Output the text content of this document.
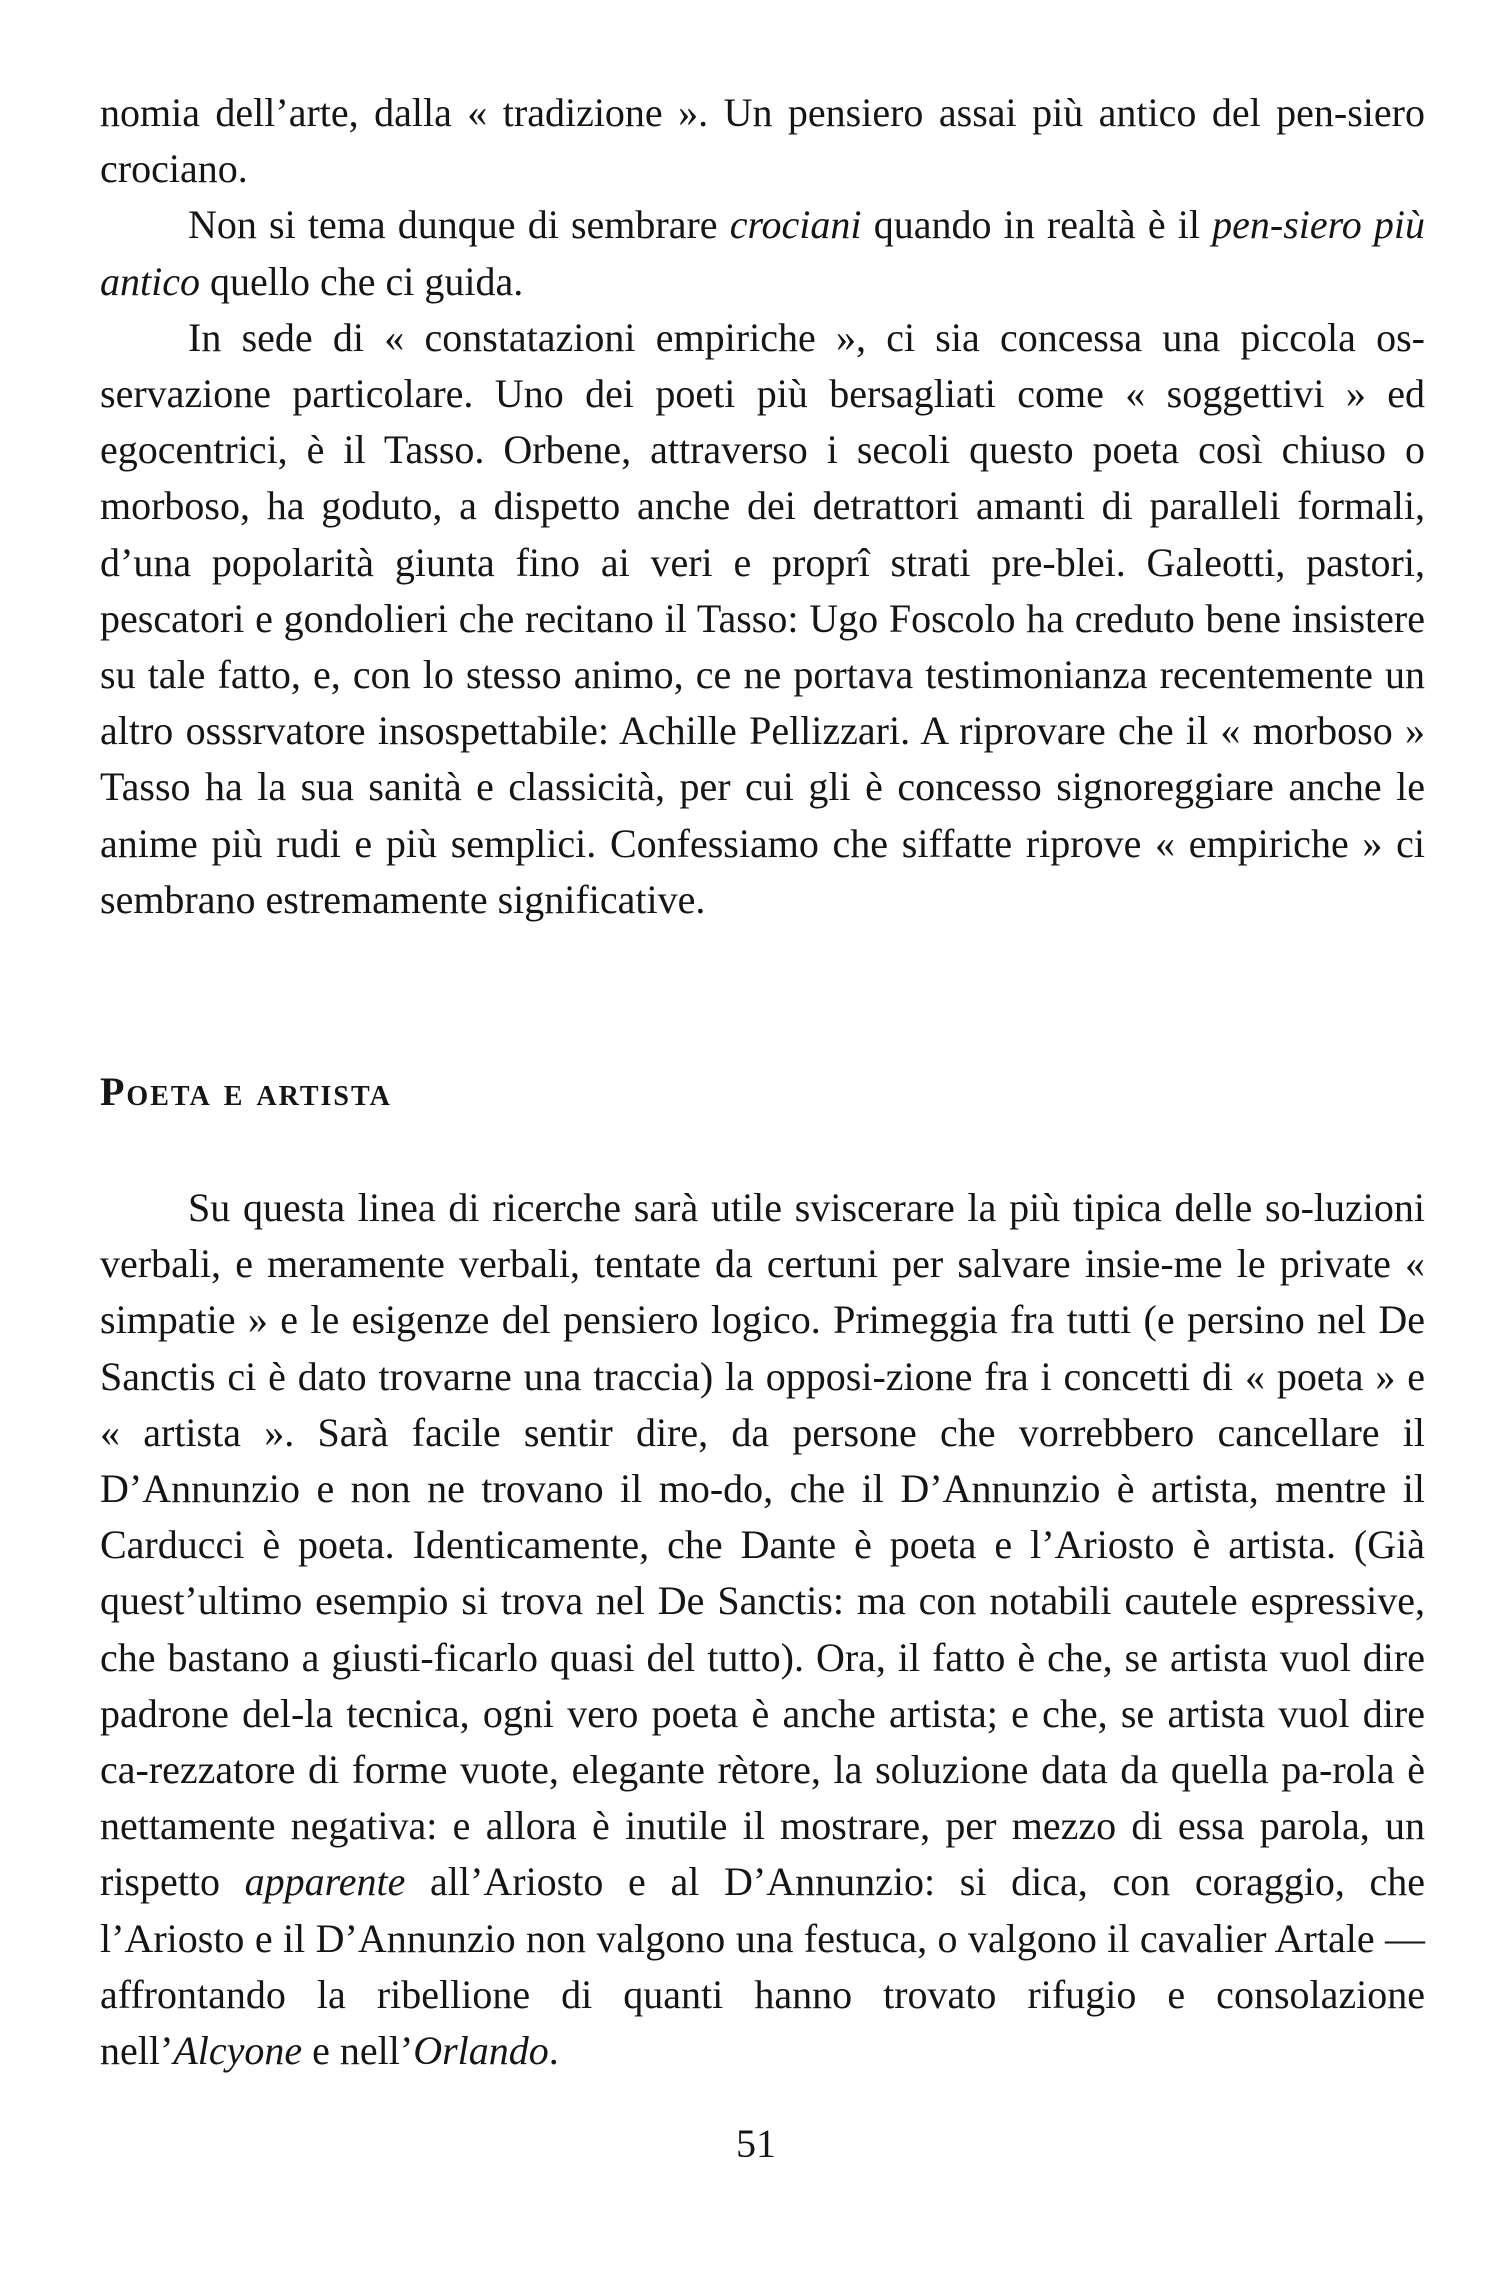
nomia dell’arte, dalla « tradizione ». Un pensiero assai più antico del pen-siero crociano.

Non si tema dunque di sembrare crociani quando in realtà è il pen-siero più antico quello che ci guida.

In sede di « constatazioni empiriche », ci sia concessa una piccola os-servazione particolare. Uno dei poeti più bersagliati come « soggettivi » ed egocentrici, è il Tasso. Orbene, attraverso i secoli questo poeta così chiuso o morboso, ha goduto, a dispetto anche dei detrattori amanti di paralleli formali, d’una popolarità giunta fino ai veri e proprî strati pre-blei. Galeotti, pastori, pescatori e gondolieri che recitano il Tasso: Ugo Foscolo ha creduto bene insistere su tale fatto, e, con lo stesso animo, ce ne portava testimonianza recentemente un altro osssrvatore insospettabile: Achille Pellizzari. A riprovare che il « morboso » Tasso ha la sua sanità e classicità, per cui gli è concesso signoreggiare anche le anime più rudi e più semplici. Confessiamo che siffatte riprove « empiriche » ci sembrano estremamente significative.

Poeta e artista

Su questa linea di ricerche sarà utile sviscerare la più tipica delle so-luzioni verbali, e meramente verbali, tentate da certuni per salvare insie-me le private « simpatie » e le esigenze del pensiero logico. Primeggia fra tutti (e persino nel De Sanctis ci è dato trovarne una traccia) la opposi-zione fra i concetti di « poeta » e « artista ». Sarà facile sentir dire, da persone che vorrebbero cancellare il D’Annunzio e non ne trovano il mo-do, che il D’Annunzio è artista, mentre il Carducci è poeta. Identicamente, che Dante è poeta e l’Ariosto è artista. (Già quest’ultimo esempio si trova nel De Sanctis: ma con notabili cautele espressive, che bastano a giusti-ficarlo quasi del tutto). Ora, il fatto è che, se artista vuol dire padrone del-la tecnica, ogni vero poeta è anche artista; e che, se artista vuol dire ca-rezzatore di forme vuote, elegante rètore, la soluzione data da quella pa-rola è nettamente negativa: e allora è inutile il mostrare, per mezzo di essa parola, un rispetto apparente all’Ariosto e al D’Annunzio: si dica, con coraggio, che l’Ariosto e il D’Annunzio non valgono una festuca, o valgono il cavalier Artale — affrontando la ribellione di quanti hanno trovato rifugio e consolazione nell’Alcyone e nell’Orlando.

51
